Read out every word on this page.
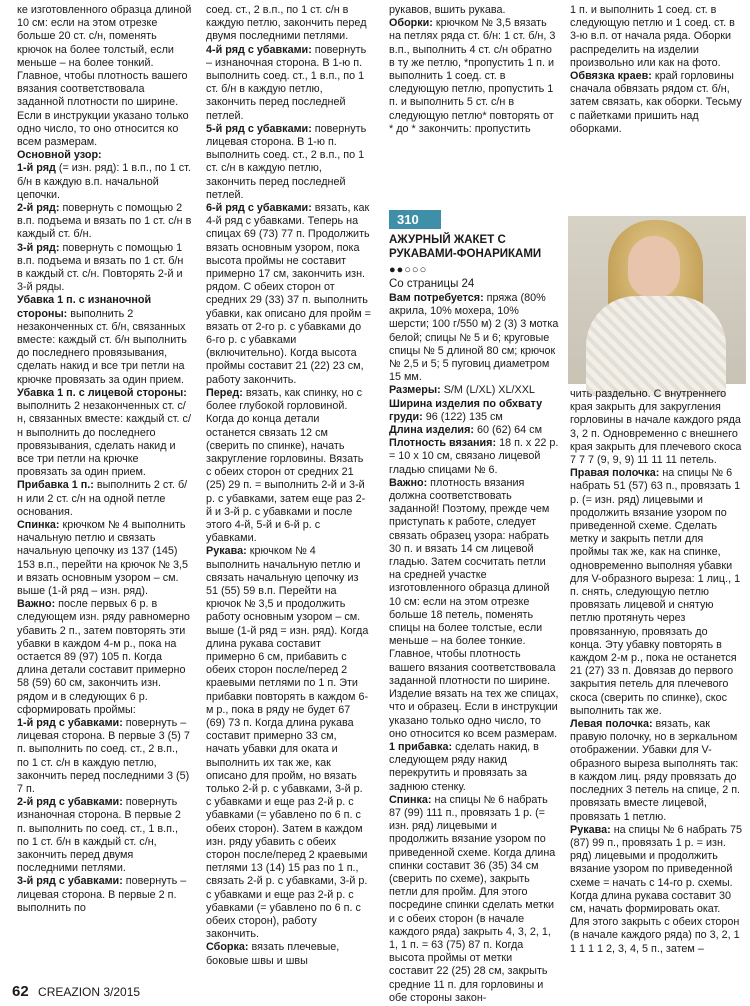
ке изготовленного образца длиной 10 см: если на этом отрезке больше 20 ст. с/н, поменять крючок на более толстый, если меньше – на более тонкий. Главное, чтобы плотность вашего вязания соответствовала заданной плотности по ширине.

Если в инструкции указано только одно число, то оно относится ко всем размерам.

Основной узор:

1-й ряд (= изн. ряд): 1 в.п., по 1 ст. б/н в каждую в.п. начальной цепочки.

2-й ряд: повернуть с помощью 2 в.п. подъема и вязать по 1 ст. с/н в каждый ст. б/н.

3-й ряд: повернуть с помощью 1 в.п. подъема и вязать по 1 ст. б/н в каждый ст. с/н. Повторять 2-й и 3-й ряды.

Убавка 1 п. с изнаночной стороны: выполнить 2 незаконченных ст. б/н, связанных вместе: каждый ст. б/н выполнить до последнего провязывания, сделать накид и все три петли на крючке провязать за один прием.

Убавка 1 п. с лицевой стороны: выполнить 2 незаконченных ст. с/н, связанных вместе: каждый ст. с/н выполнить до последнего провязывания, сделать накид и все три петли на крючке провязать за один прием.

Прибавка 1 п.: выполнить 2 ст. б/н или 2 ст. с/н на одной петле основания.

Спинка: крючком № 4 выполнить начальную петлю и связать начальную цепочку из 137 (145) 153 в.п., перейти на крючок № 3,5 и вязать основным узором – см. выше (1-й ряд – изн. ряд).

Важно: после первых 6 р. в следующем изн. ряду равномерно убавить 2 п., затем повторять эти убавки в каждом 4-м р., пока на остается 89 (97) 105 п. Когда длина детали составит примерно 58 (59) 60 см, закончить изн. рядом и в следующих 6 р. сформировать проймы:

1-й ряд с убавками: повернуть – лицевая сторона. В первые 3 (5) 7 п. выполнить по соед. ст., 2 в.п., по 1 ст. с/н в каждую петлю, закончить перед последними 3 (5) 7 п.

2-й ряд с убавками: повернуть изнаночная сторона. В первые 2 п. выполнить по соед. ст., 1 в.п., по 1 ст. б/н в каждый ст. с/н, закончить перед двумя последними петлями.

3-й ряд с убавками: повернуть – лицевая сторона. В первые 2 п. выполнить по

соед. ст., 2 в.п., по 1 ст. с/н в каждую петлю, закончить перед двумя последними петлями.

4-й ряд с убавками: повернуть – изнаночная сторона. В 1-ю п. выполнить соед. ст., 1 в.п., по 1 ст. б/н в каждую петлю, закончить перед последней петлей.

5-й ряд с убавками: повернуть лицевая сторона. В 1-ю п. выполнить соед. ст., 2 в.п., по 1 ст. с/н в каждую петлю, закончить перед последней петлей.

6-й ряд с убавками: вязать, как 4-й ряд с убавками. Теперь на спицах 69 (73) 77 п. Продолжить вязать основным узором, пока высота проймы не составит примерно 17 см, закончить изн. рядом. С обеих сторон от средних 29 (33) 37 п. выполнить убавки, как описано для пройм = вязать от 2-го р. с убавками до 6-го р. с убавками (включительно). Когда высота проймы составит 21 (22) 23 см, работу закончить.

Перед: вязать, как спинку, но с более глубокой горловиной. Когда до конца детали останется связать 12 см (сверить по спинке), начать закругление горловины. Вязать с обеих сторон от средних 21 (25) 29 п. = выполнить 2-й и 3-й р. с убавками, затем еще раз 2-й и 3-й р. с убавками и после этого 4-й, 5-й и 6-й р. с убавками.

Рукава: крючком № 4 выполнить начальную петлю и связать начальную цепочку из 51 (55) 59 в.п. Перейти на крючок № 3,5 и продолжить работу основным узором – см. выше (1-й ряд = изн. ряд). Когда длина рукава составит примерно 6 см, прибавить с обеих сторон после/перед 2 краевыми петлями по 1 п. Эти прибавки повторять в каждом 6-м р., пока в ряду не будет 67 (69) 73 п. Когда длина рукава составит примерно 33 см, начать убавки для оката и выполнить их так же, как описано для пройм, но вязать только 2-й р. с убавками, 3-й р. с убавками и еще раз 2-й р. с убавками (= убавлено по 6 п. с обеих сторон). Затем в каждом изн. ряду убавить с обеих сторон после/перед 2 краевыми петлями 13 (14) 15 раз по 1 п., связать 2-й р. с убавками, 3-й р. с убавками и еще раз 2-й р. с убавками (= убавлено по 6 п. с обеих сторон), работу закончить.

Сборка: вязать плечевые, боковые швы и швы

рукавов, вшить рукава.

Оборки: крючком № 3,5 вязать на петлях ряда ст. б/н: 1 ст. б/н, 3 в.п., выполнить 4 ст. с/н обратно в ту же петлю, *пропустить 1 п. и выполнить 1 соед. ст. в следующую петлю, пропустить 1 п. и выполнить 5 ст. с/н в следующую петлю* повторять от * до * закончить: пропустить

310
АЖУРНЫЙ ЖАКЕТ С РУКАВАМИ-ФОНАРИКАМИ
●●○○○
Со страницы 24

Вам потребуется: пряжа (80% акрила, 10% мохера, 10% шерсти; 100 г/550 м) 2 (3) 3 мотка белой; спицы № 5 и 6; круговые спицы № 5 длиной 80 см; крючок № 2,5 и 5; 5 пуговиц диаметром 15 мм.

Размеры: S/M (L/XL) XL/XXL

Ширина изделия по обхвату груди: 96 (122) 135 см

Длина изделия: 60 (62) 64 см

Плотность вязания: 18 п. x 22 р. = 10 x 10 см, связано лицевой гладью спицами № 6.

Важно: плотность вязания должна соответствовать заданной! Поэтому, прежде чем приступать к работе, следует связать образец узора: набрать 30 п. и вязать 14 см лицевой гладью. Затем сосчитать петли на средней участке изготовленного образца длиной 10 см: если на этом отрезке больше 18 петель, поменять спицы на более толстые, если меньше – на более тонкие. Главное, чтобы плотность вашего вязания соответствовала заданной плотности по ширине. Изделие вязать на тех же спицах, что и образец. Если в инструкции указано только одно число, то оно относится ко всем размерам.

1 прибавка: сделать накид, в следующем ряду накид перекрутить и провязать за заднюю стенку.

Спинка: на спицы № 6 набрать 87 (99) 111 п., провязать 1 р. (= изн. ряд) лицевыми и продолжить вязание узором по приведенной схеме. Когда длина спинки составит 36 (35) 34 см (сверить по схеме), закрыть петли для пройм. Для этого посредине спинки сделать метки и с обеих сторон (в начале каждого ряда) закрыть 4, 3, 2, 1, 1, 1 п. = 63 (75) 87 п. Когда высота проймы от метки составит 22 (25) 28 см, закрыть средние 11 п. для горловины и обе стороны закон-

1 п. и выполнить 1 соед. ст. в следующую петлю и 1 соед. ст. в 3-ю в.п. от начала ряда. Оборки распределить на изделии произвольно или как на фото.

Обвязка краев: край горловины сначала обвязать рядом ст. б/н, затем связать, как оборки. Тесьму с пайетками пришить над оборками.

чить раздельно. С внутреннего края закрыть для закругления горловины в начале каждого ряда 3, 2 п. Одновременно с внешнего края закрыть для плечевого скоса 7 7 7 (9, 9, 9) 11 11 11 петель.

Правая полочка: на спицы № 6 набрать 51 (57) 63 п., провязать 1 р. (= изн. ряд) лицевыми и продолжить вязание узором по приведенной схеме. Сделать метку и закрыть петли для проймы так же, как на спинке, одновременно выполняя убавки для V-образного выреза: 1 лиц., 1 п. снять, следующую петлю провязать лицевой и снятую петлю протянуть через провязанную, провязать до конца. Эту убавку повторять в каждом 2-м р., пока не останется 21 (27) 33 п. Довязав до первого закрытия петель для плечевого скоса (сверить по спинке), скос выполнить так же.

Левая полочка: вязать, как правую полочку, но в зеркальном отображении. Убавки для V-образного выреза выполнять так: в каждом лиц. ряду провязать до последних 3 петель на спице, 2 п. провязать вместе лицевой, провязать 1 петлю.

Рукава: на спицы № 6 набрать 75 (87) 99 п., провязать 1 р. = изн. ряд) лицевыми и продолжить вязание узором по приведенной схеме = начать с 14-го р. схемы. Когда длина рукава составит 30 см, начать формировать окат. Для этого закрыть с обеих сторон (в начале каждого ряда) по 3, 2, 1 1 1 1 1 2, 3, 4, 5 п., затем –

62 CREAZION 3/2015
